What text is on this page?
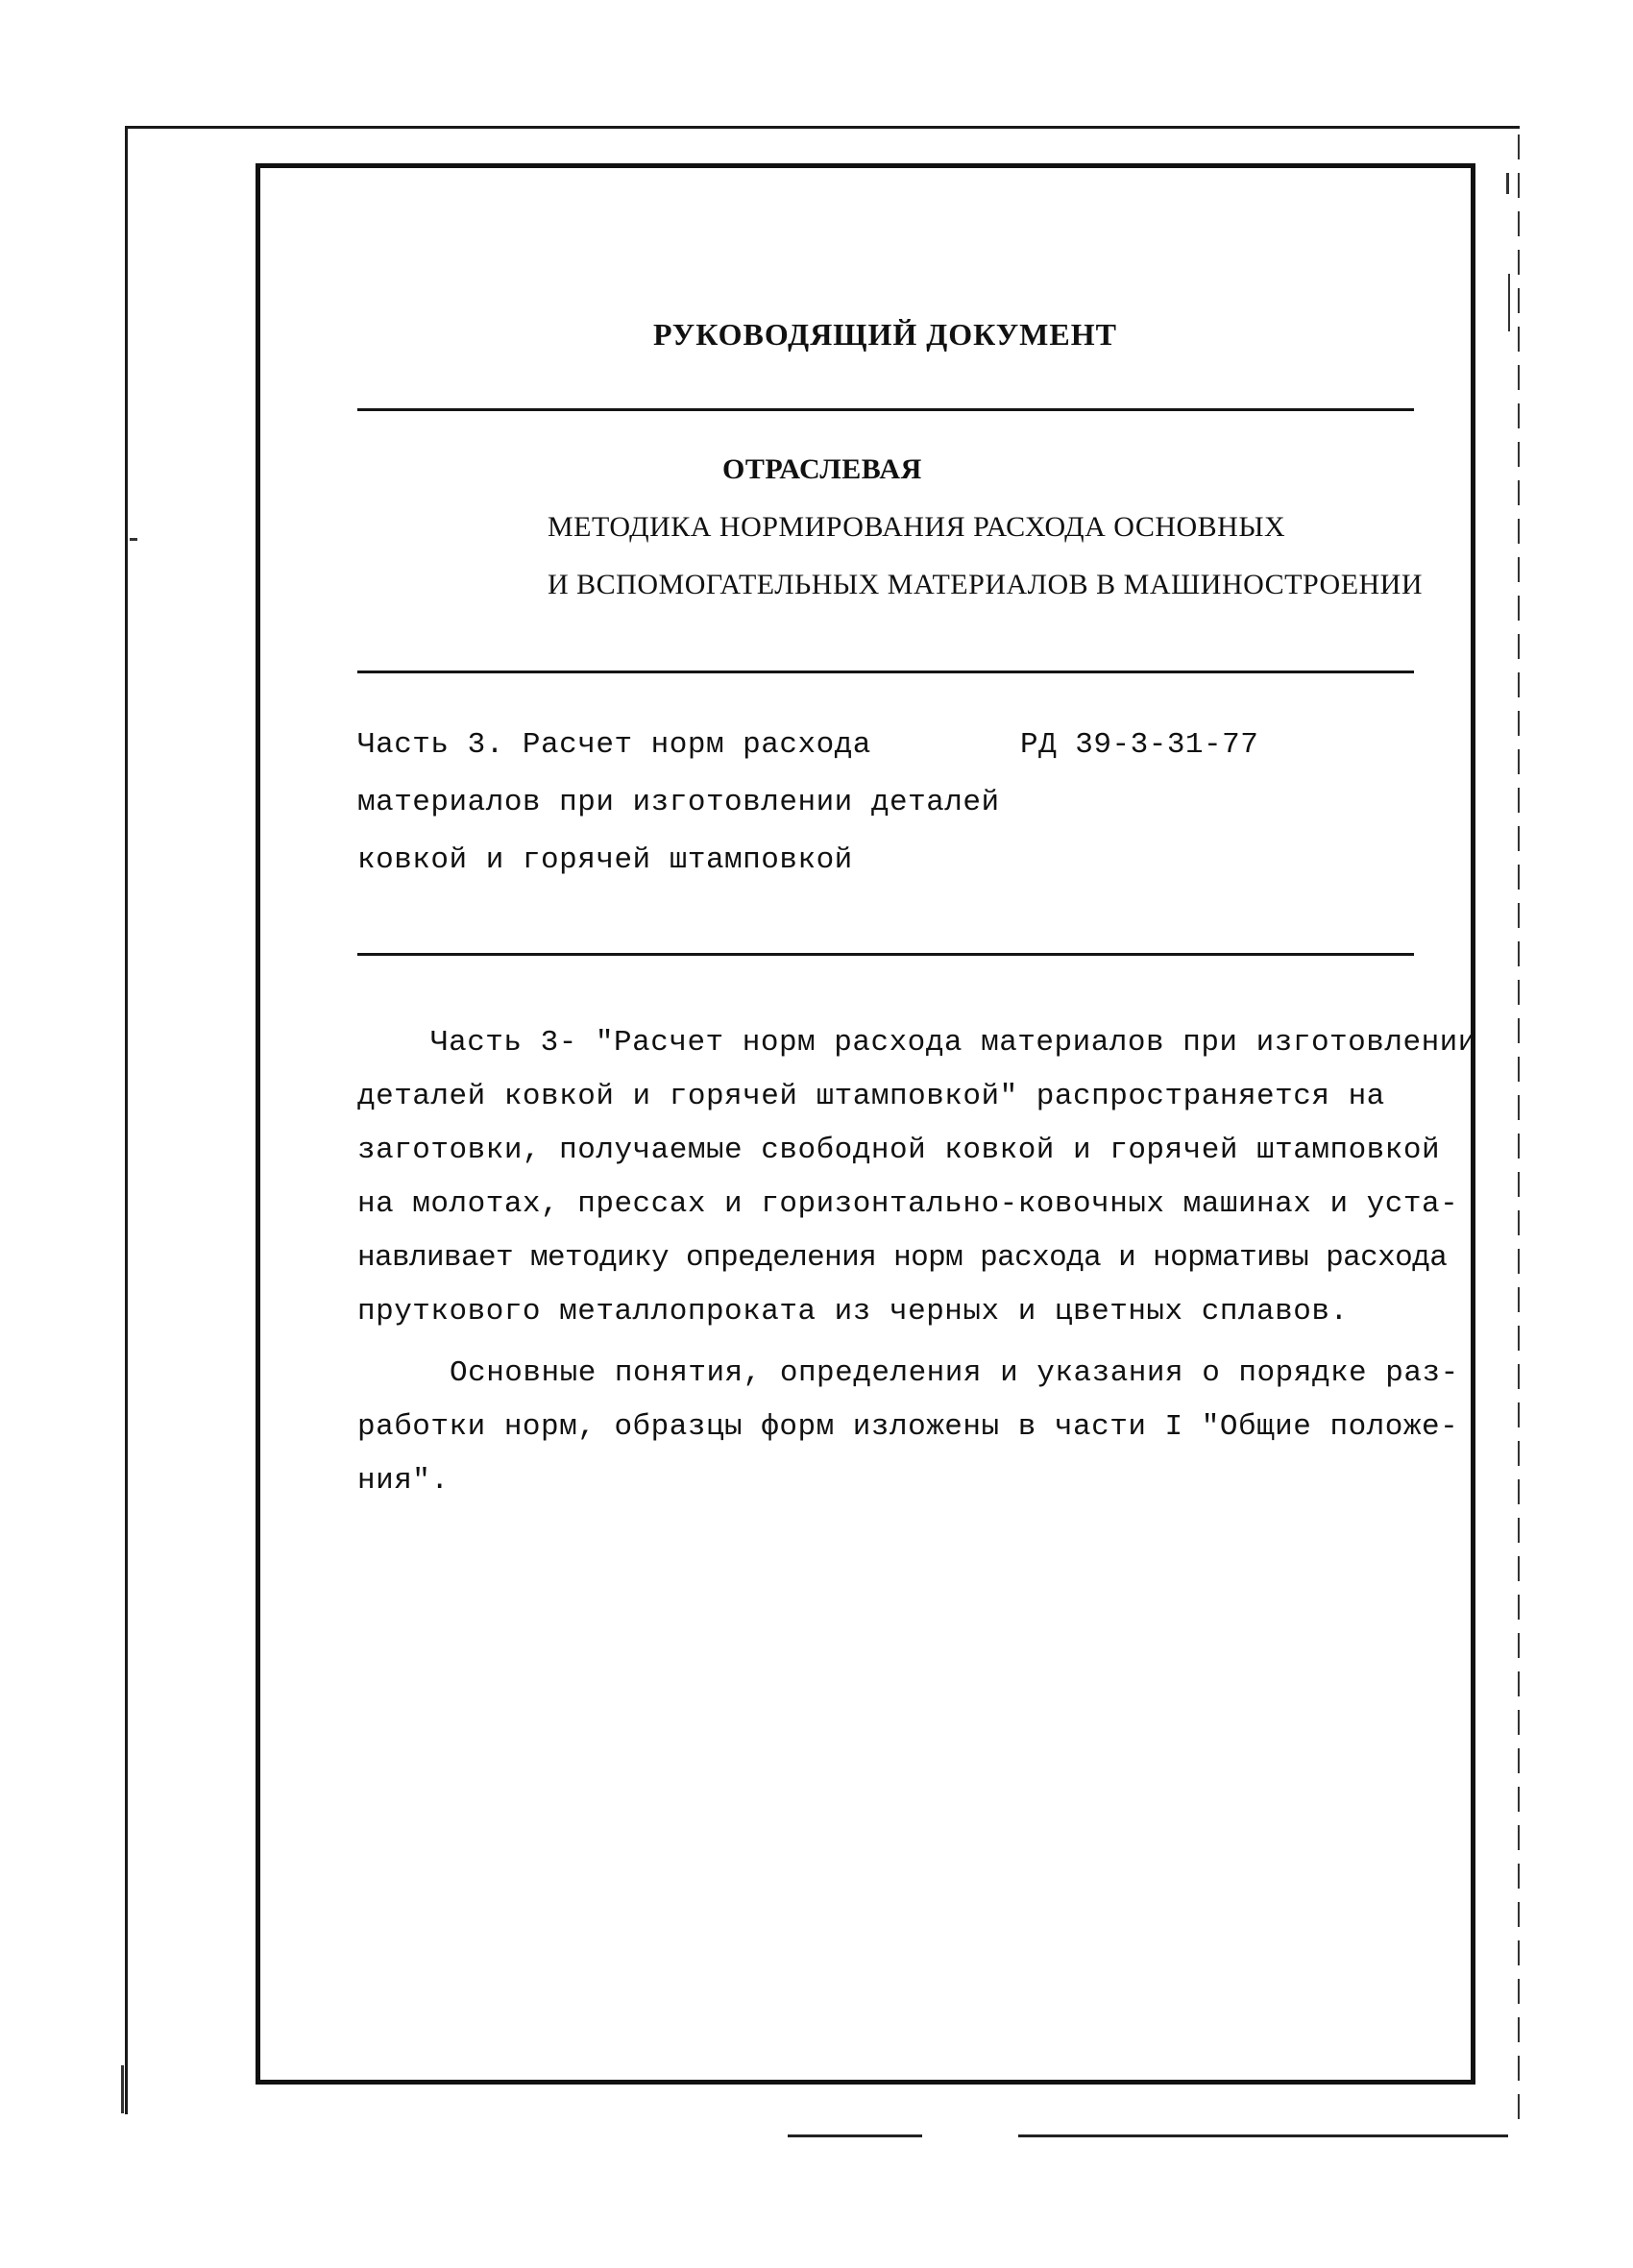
РУКОВОДЯЩИЙ ДОКУМЕНТ
ОТРАСЛЕВАЯ
МЕТОДИКА НОРМИРОВАНИЯ РАСХОДА ОСНОВНЫХ
И ВСПОМОГАТЕЛЬНЫХ МАТЕРИАЛОВ В МАШИНОСТРОЕНИИ
Часть 3. Расчет норм расхода
материалов при изготовлении деталей
ковкой и горячей штамповкой
РД 39-3-31-77
Часть 3- "Расчет норм расхода материалов при изготовлении
деталей ковкой и горячей штамповкой" распространяется на
заготовки, получаемые свободной ковкой и горячей штамповкой
на молотах, прессах и горизонтально-ковочных машинах и уста-
навливает методику определения норм расхода и нормативы расхода
пруткового металлопроката из черных и цветных сплавов.
Основные понятия, определения и указания о порядке раз-
работки норм, образцы форм изложены в части I "Общие положе-
ния".
